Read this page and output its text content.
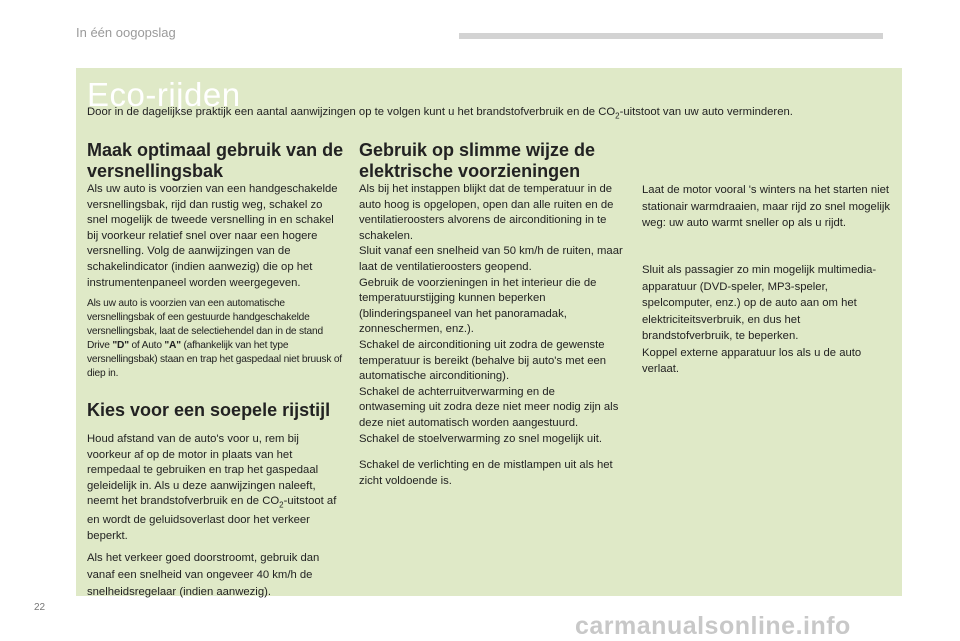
In één oogopslag
Eco-rijden
Door in de dagelijkse praktijk een aantal aanwijzingen op te volgen kunt u het brandstofverbruik en de $CO_2$-uitstoot van uw auto verminderen.
Maak optimaal gebruik van de versnellingsbak

Als uw auto is voorzien van een handgeschakelde versnellingsbak, rijd dan rustig weg, schakel zo snel mogelijk de tweede versnelling in en schakel bij voorkeur relatief snel over naar een hogere versnelling. Volg de aanwijzingen van de schakelindicator (indien aanwezig) die op het instrumentenpaneel worden weergegeven.

Als uw auto is voorzien van een automatische versnellingsbak of een gestuurde handgeschakelde versnellingsbak, laat de selectiehendel dan in de stand Drive "D" of Auto "A" (afhankelijk van het type versnellingsbak) staan en trap het gaspedaal niet bruusk of diep in.

Kies voor een soepele rijstijl

Houd afstand van de auto's voor u, rem bij voorkeur af op de motor in plaats van het rempedaal te gebruiken en trap het gaspedaal geleidelijk in. Als u deze aanwijzingen naleeft, neemt het brandstofverbruik en de $CO_2$-uitstoot af en wordt de geluidsoverlast door het verkeer beperkt.

Als het verkeer goed doorstroomt, gebruik dan vanaf een snelheid van ongeveer 40 km/h de snelheidsregelaar (indien aanwezig).

Gebruik op slimme wijze de elektrische voorzieningen

Als bij het instappen blijkt dat de temperatuur in de auto hoog is opgelopen, open dan alle ruiten en de ventilatieroosters alvorens de airconditioning in te schakelen.

Sluit vanaf een snelheid van 50 km/h de ruiten, maar laat de ventilatieroosters geopend.

Gebruik de voorzieningen in het interieur die de temperatuurstijging kunnen beperken (blinderingspaneel van het panoramadak, zonneschermen, enz.).

Schakel de airconditioning uit zodra de gewenste temperatuur is bereikt (behalve bij auto's met een automatische airconditioning).

Schakel de achterruitverwarming en de ontwaseming uit zodra deze niet meer nodig zijn als deze niet automatisch worden aangestuurd.

Schakel de stoelverwarming zo snel mogelijk uit.

Schakel de verlichting en de mistlampen uit als het zicht voldoende is.

Laat de motor vooral 's winters na het starten niet stationair warmdraaien, maar rijd zo snel mogelijk weg: uw auto warmt sneller op als u rijdt.

Sluit als passagier zo min mogelijk multimedia-apparatuur (DVD-speler, MP3-speler, spelcomputer, enz.) op de auto aan om het elektriciteitsverbruik, en dus het brandstofverbruik, te beperken.

Koppel externe apparatuur los als u de auto verlaat.

22
carmanualsonline.info
